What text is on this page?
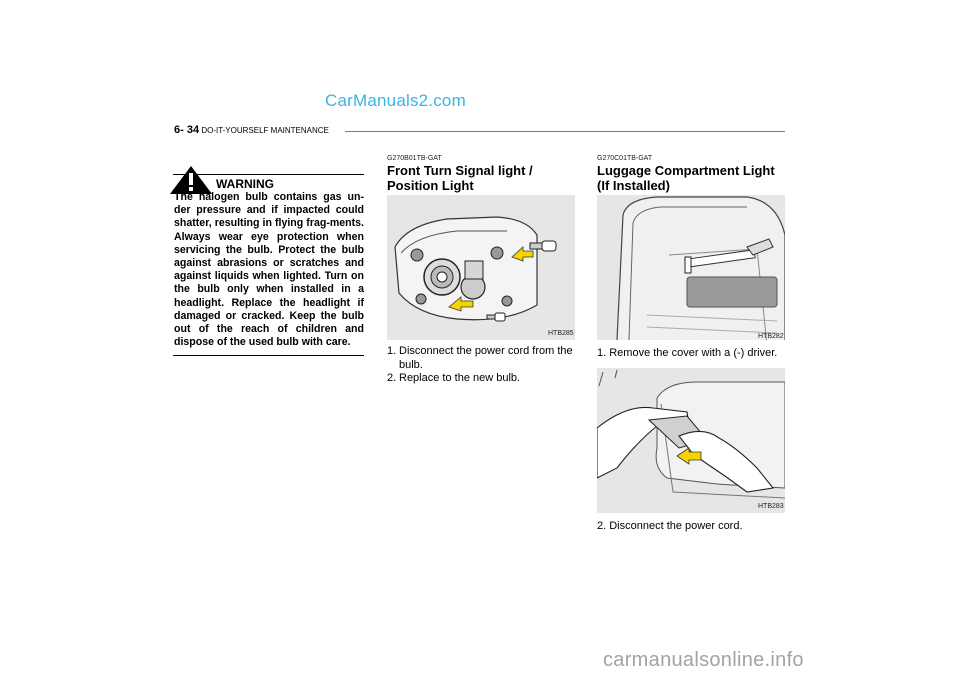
CarManuals2.com
6- 34 DO-IT-YOURSELF MAINTENANCE
WARNING
The halogen bulb contains gas un-der pressure and if impacted could shatter, resulting in flying frag-ments. Always wear eye protection when servicing the bulb. Protect the bulb against abrasions or scratches and against liquids when lighted. Turn on the bulb only when installed in a headlight. Replace the headlight if damaged or cracked. Keep the bulb out of the reach of children and dispose of the used bulb with care.
G270B01TB-GAT
Front Turn Signal light /
Position Light
HTB285
1. Disconnect the power cord from the bulb.
2. Replace to the new bulb.
G270C01TB-GAT
Luggage Compartment Light
(If Installed)
HTB282
1. Remove the cover with a (-) driver.
HTB283
2. Disconnect the power cord.
carmanualsonline.info
